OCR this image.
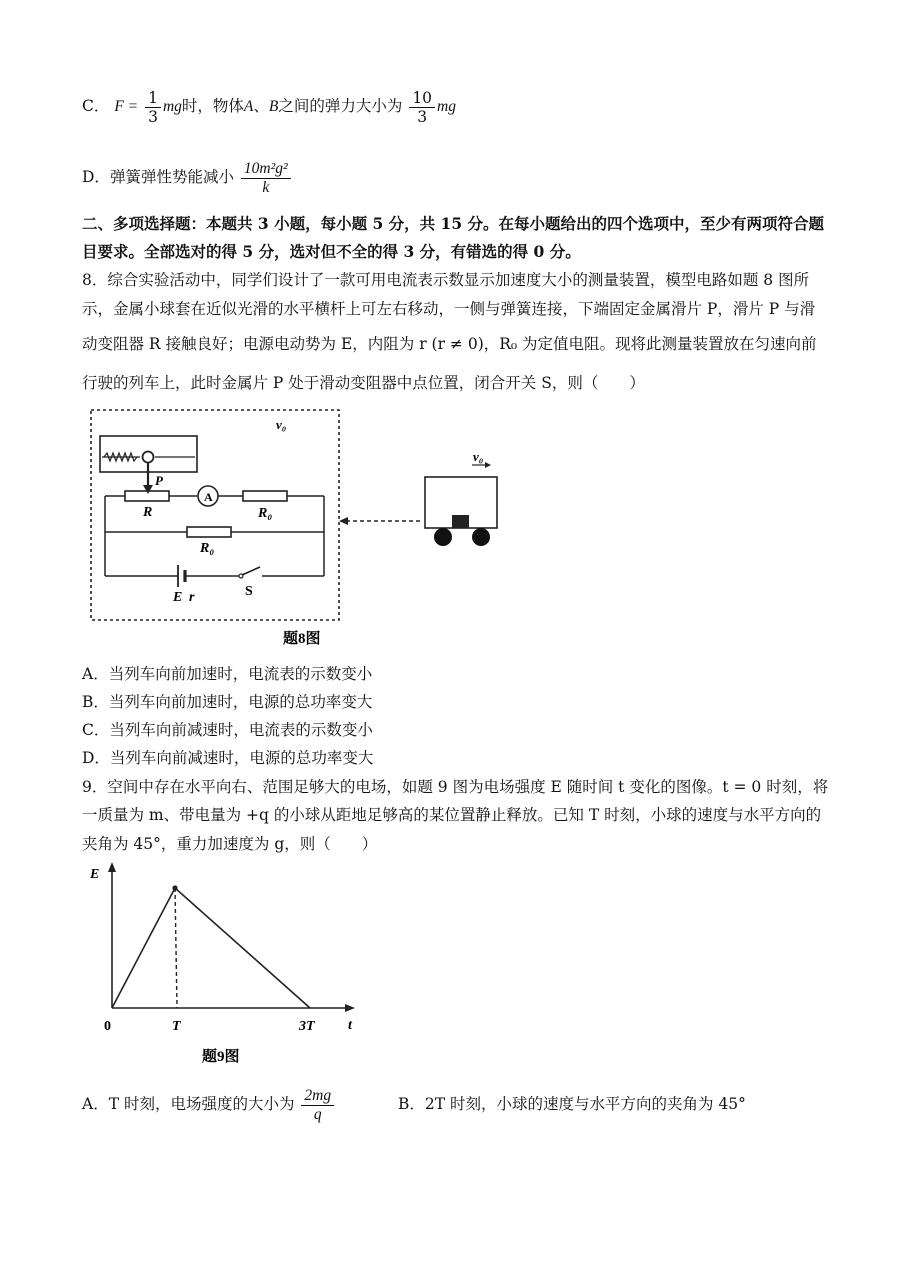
C． $F = \frac{1}{3}$ mg时，物体A、B之间的弹力大小为 $\frac{10}{3}$ mg
D．弹簧弹性势能减小 $\frac{\text{10m²g²}}{k}$
二、多项选择题：本题共 3 小题，每小题 5 分，共 15 分。在每小题给出的四个选项中，至少有两项符合题
目要求。全部选对的得 5 分，选对但不全的得 3 分，有错选的得 0 分。
8．综合实验活动中，同学们设计了一款可用电流表示数显示加速度大小的测量装置，模型电路如题 8 图所
示，金属小球套在近似光滑的水平横杆上可左右移动，一侧与弹簧连接，下端固定金属滑片 P，滑片 P 与滑
动变阻器 R 接触良好；电源电动势为 E，内阻为 r (r ≠ 0)，R₀ 为定值电阻。现将此测量装置放在匀速向前
行驶的列车上，此时金属片 P 处于滑动变阻器中点位置，闭合开关 S，则（　　）
v₀
P
A
R	R₀
R₀
E r	S
v₀
题8图
A．当列车向前加速时，电流表的示数变小
B．当列车向前加速时，电源的总功率变大
C．当列车向前减速时，电流表的示数变小
D．当列车向前减速时，电源的总功率变大
9．空间中存在水平向右、范围足够大的电场，如题 9 图为电场强度 E 随时间 t 变化的图像。t = 0 时刻，将
一质量为 m、带电量为 +q 的小球从距地足够高的某位置静止释放。已知 T 时刻，小球的速度与水平方向的
夹角为 45°，重力加速度为 g，则（　　）
E
t
0	T	3T
题9图
A．T 时刻，电场强度的大小为 $\frac{2mg}{q}$	B．2T 时刻，小球的速度与水平方向的夹角为 45°
